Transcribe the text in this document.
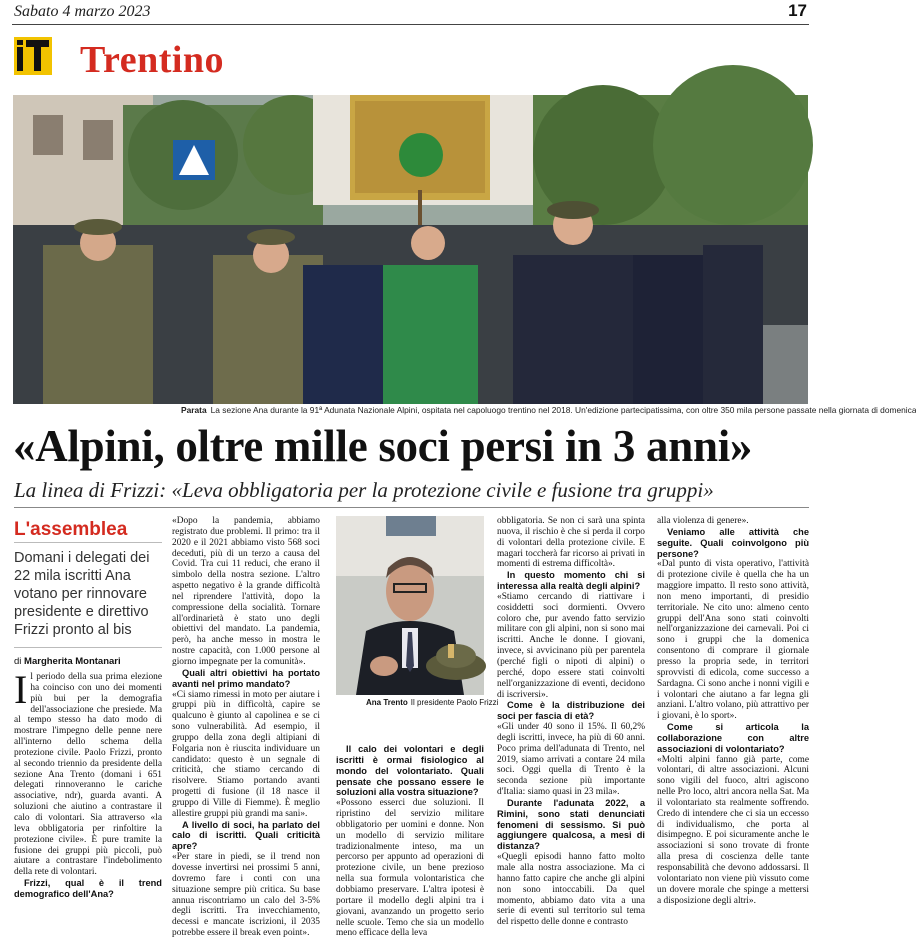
Sabato 4 marzo 2023	17
Trentino
Parata La sezione Ana durante la 91ª Adunata Nazionale Alpini, ospitata nel capoluogo trentino nel 2018. Un'edizione partecipatissima, con oltre 350 mila persone passate nella giornata di domenica
«Alpini, oltre mille soci persi in 3 anni»
La linea di Frizzi: «Leva obbligatoria per la protezione civile e fusione tra gruppi»
L'assemblea
Domani i delegati dei 22 mila iscritti Ana votano per rinnovare presidente e direttivo Frizzi pronto al bis
di Margherita Montanari

Il periodo della sua prima elezione ha coinciso con uno dei momenti più bui per la demografia dell'associazione che presiede. Ma al tempo stesso ha dato modo di mostrare l'impegno delle penne nere all'interno dello schema della protezione civile. Paolo Frizzi, pronto al secondo triennio da presidente della sezione Ana Trento (domani i 651 delegati rinnoveranno le cariche associative, ndr), guarda avanti. A soluzioni che aiutino a contrastare il calo di volontari. Sia attraverso «la leva obbligatoria per rinfoltire la protezione civile». È pure tramite la fusione dei gruppi più piccoli, può aiutare a contrastare l'indebolimento della rete di volontari.

Frizzi, qual è il trend demografico dell'Ana?

«Dopo la pandemia, abbiamo registrato due problemi. Il primo: tra il 2020 e il 2021 abbiamo visto 568 soci deceduti, più di un terzo a causa del Covid. Tra cui 11 reduci, che erano il simbolo della nostra sezione. L'altro aspetto negativo è la grande difficoltà nel riprendere l'attività, dopo la compressione della socialità. Tornare all'ordinarietà è stato uno degli obiettivi del mandato. La pandemia, però, ha anche messo in mostra le nostre capacità, con 1.000 persone al giorno impegnate per la comunità».

Quali altri obiettivi ha portato avanti nel primo mandato?

«Ci siamo rimessi in moto per aiutare i gruppi più in difficoltà, capire se qualcuno è giunto al capolinea e se ci sono vulnerabilità. Ad esempio, il gruppo della zona degli altipiani di Folgaria non è riuscita individuare un candidato: questo è un segnale di criticità, che stiamo cercando di risolvere. Stiamo portando avanti progetti di fusione (il 18 nasce il gruppo di Ville di Fiemme). È meglio allestire gruppi più grandi ma sani».

A livello di soci, ha parlato del calo di iscritti. Quali criticità apre?

«Per stare in piedi, se il trend non dovesse invertirsi nei prossimi 5 anni, dovremo fare i conti con una situazione sempre più critica. Su base annua riscontriamo un calo del 3-5% degli iscritti. Tra invecchiamento, decessi e mancate iscrizioni, il 2035 potrebbe essere il break even point».

Ana Trento Il presidente Paolo Frizzi

Il calo dei volontari e degli iscritti è ormai fisiologico al mondo del volontariato. Quali pensate che possano essere le soluzioni alla vostra situazione?

«Possono esserci due soluzioni. Il ripristino del servizio militare obbligatorio per uomini e donne. Non un modello di servizio militare tradizionalmente inteso, ma un percorso per appunto ad operazioni di protezione civile, un bene prezioso nella sua formula volontaristica che dobbiamo preservare. L'altra ipotesi è portare il modello degli alpini tra i giovani, avanzando un progetto serio nelle scuole. Temo che sia un modello meno efficace della leva

obbligatoria. Se non ci sarà una spinta nuova, il rischio è che si perda il corpo di volontari della protezione civile. E magari toccherà far ricorso ai privati in momenti di estrema difficoltà».

In questo momento chi si interessa alla realtà degli alpini?

«Stiamo cercando di riattivare i cosiddetti soci dormienti. Ovvero coloro che, pur avendo fatto servizio militare con gli alpini, non si sono mai iscritti. Anche le donne. I giovani, invece, si avvicinano più per parentela (perché figli o nipoti di alpini) o perché, dopo essere stati coinvolti nell'organizzazione di eventi, decidono di iscriversi».

Come è la distribuzione dei soci per fascia di età?

«Gli under 40 sono il 15%. Il 60,2% degli iscritti, invece, ha più di 60 anni. Poco prima dell'adunata di Trento, nel 2019, siamo arrivati a contare 24 mila soci. Oggi quella di Trento è la seconda sezione più importante d'Italia: siamo quasi in 23 mila».

Durante l'adunata 2022, a Rimini, sono stati denunciati fenomeni di sessismo. Si può aggiungere qualcosa, a mesi di distanza?

«Quegli episodi hanno fatto molto male alla nostra associazione. Ma ci hanno fatto capire che anche gli alpini non sono intoccabili. Da quel momento, abbiamo dato vita a una serie di eventi sul territorio sul tema del rispetto delle donne e contrasto

alla violenza di genere».

Veniamo alle attività che seguite. Quali coinvolgono più persone?

«Dal punto di vista operativo, l'attività di protezione civile è quella che ha un maggiore impatto. Il resto sono attività, non meno importanti, di presidio territoriale. Ne cito uno: almeno cento gruppi dell'Ana sono stati coinvolti nell'organizzazione dei carnevali. Poi ci sono i gruppi che la domenica consentono di comprare il giornale presso la propria sede, in territori sprovvisti di edicola, come successo a Sardagna. Ci sono anche i nonni vigili e i volontari che aiutano a far legna gli anziani. L'altro volano, più attrattivo per i giovani, è lo sport».

Come si articola la collaborazione con altre associazioni di volontariato?

«Molti alpini fanno già parte, come volontari, di altre associazioni. Alcuni sono vigili del fuoco, altri agiscono nelle Pro loco, altri ancora nella Sat. Ma il volontariato sta realmente soffrendo. Credo di intendere che ci sia un eccesso di individualismo, che porta al disimpegno. E poi sicuramente anche le associazioni si sono trovate di fronte alla presa di coscienza delle tante responsabilità che devono addossarsi. Il volontariato non viene più vissuto come un dovere morale che spinge a mettersi a disposizione degli altri».
